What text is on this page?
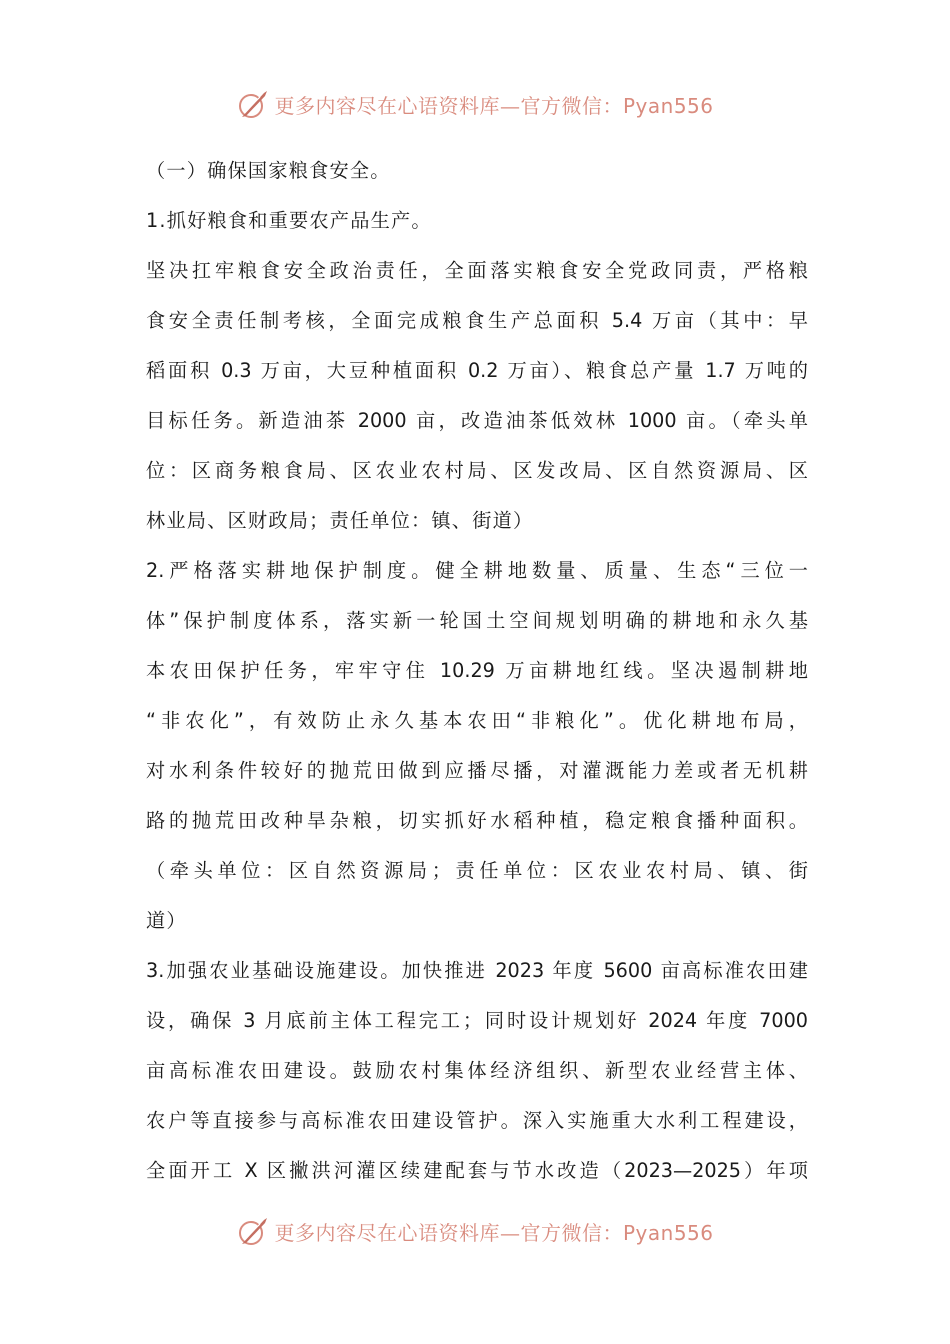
更多内容尽在心语资料库—官方微信：Pyan556
（一）确保国家粮食安全。
1.抓好粮食和重要农产品生产。
坚决扛牢粮食安全政治责任，全面落实粮食安全党政同责，严格粮
食安全责任制考核，全面完成粮食生产总面积 5.4 万亩（其中：早
稻面积 0.3 万亩，大豆种植面积 0.2 万亩）、粮食总产量 1.7 万吨的
目标任务。新造油茶 2000 亩，改造油茶低效林 1000 亩。（牵头单
位：区商务粮食局、区农业农村局、区发改局、区自然资源局、区
林业局、区财政局；责任单位：镇、街道）
2.严格落实耕地保护制度。健全耕地数量、质量、生态“三位一
体”保护制度体系，落实新一轮国土空间规划明确的耕地和永久基
本农田保护任务，牢牢守住 10.29 万亩耕地红线。坚决遏制耕地
“非农化”，有效防止永久基本农田“非粮化”。优化耕地布局，
对水利条件较好的抛荒田做到应播尽播，对灌溉能力差或者无机耕
路的抛荒田改种旱杂粮，切实抓好水稻种植，稳定粮食播种面积。
（牵头单位：区自然资源局；责任单位：区农业农村局、镇、街
道）
3.加强农业基础设施建设。加快推进 2023 年度 5600 亩高标准农田建
设，确保 3 月底前主体工程完工；同时设计规划好 2024 年度 7000
亩高标准农田建设。鼓励农村集体经济组织、新型农业经营主体、
农户等直接参与高标准农田建设管护。深入实施重大水利工程建设，
全面开工 X 区撇洪河灌区续建配套与节水改造（2023—2025）年项
更多内容尽在心语资料库—官方微信：Pyan556
